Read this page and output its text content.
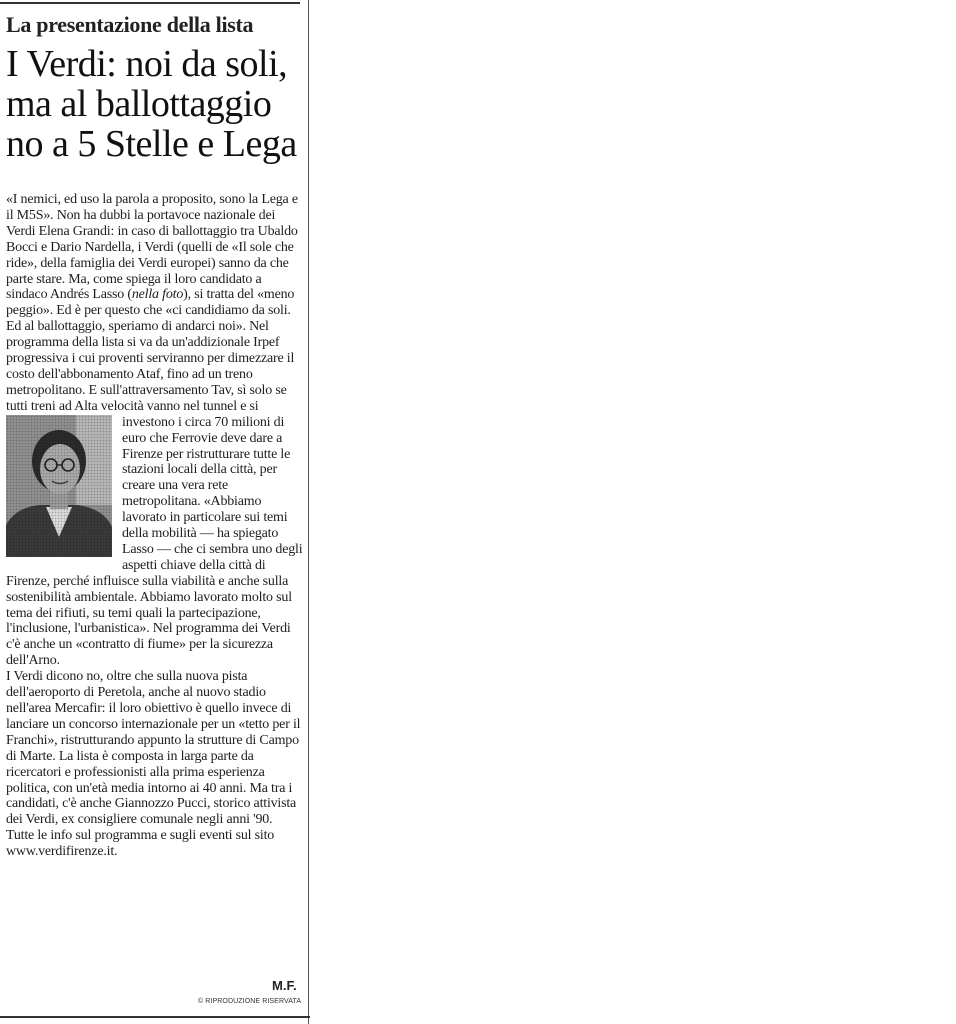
La presentazione della lista
I Verdi: noi da soli,
ma al ballottaggio
no a 5 Stelle e Lega

«I nemici, ed uso la parola a proposito, sono la Lega e il M5S». Non ha dubbi la portavoce nazionale dei Verdi Elena Grandi: in caso di ballottaggio tra Ubaldo Bocci e Dario Nardella, i Verdi (quelli de «Il sole che ride», della famiglia dei Verdi europei) sanno da che parte stare. Ma, come spiega il loro candidato a sindaco Andrés Lasso (nella foto), si tratta del «meno peggio». Ed è per questo che «ci candidiamo da soli. Ed al ballottaggio, speriamo di andarci noi». Nel programma della lista si va da un'addizionale Irpef progressiva i cui proventi serviranno per dimezzare il costo dell'abbonamento Ataf, fino ad un treno metropolitano. E sull'attraversamento Tav, sì solo se tutti treni ad Alta velocità vanno nel tunnel
e si investono i circa 70 milioni di euro che Ferrovie deve dare a Firenze per ristrutturare tutte le stazioni locali della città, per creare una vera rete metropolitana. «Abbiamo lavorato in particolare sui temi della mobilità — ha spiegato Lasso — che ci sembra uno degli aspetti chiave della città di Firenze, perché influisce sulla viabilità e anche sulla sostenibilità ambientale. Abbiamo lavorato molto sul tema dei rifiuti, su temi quali la partecipazione, l'inclusione, l'urbanistica». Nel programma dei Verdi c'è anche un «contratto di fiume» per la sicurezza dell'Arno.

I Verdi dicono no, oltre che sulla nuova pista dell'aeroporto di Peretola, anche al nuovo stadio nell'area Mercafir: il loro obiettivo è quello invece di lanciare un concorso internazionale per un «tetto per il Franchi», ristrutturando appunto la strutture di Campo di Marte. La lista è composta in larga parte da ricercatori e professionisti alla prima esperienza politica, con un'età media intorno ai 40 anni. Ma tra i candidati, c'è anche Giannozzo Pucci, storico attivista dei Verdi, ex consigliere comunale negli anni '90.

Tutte le info sul programma e sugli eventi sul sito www.verdifirenze.it.

M.F.
© RIPRODUZIONE RISERVATA
